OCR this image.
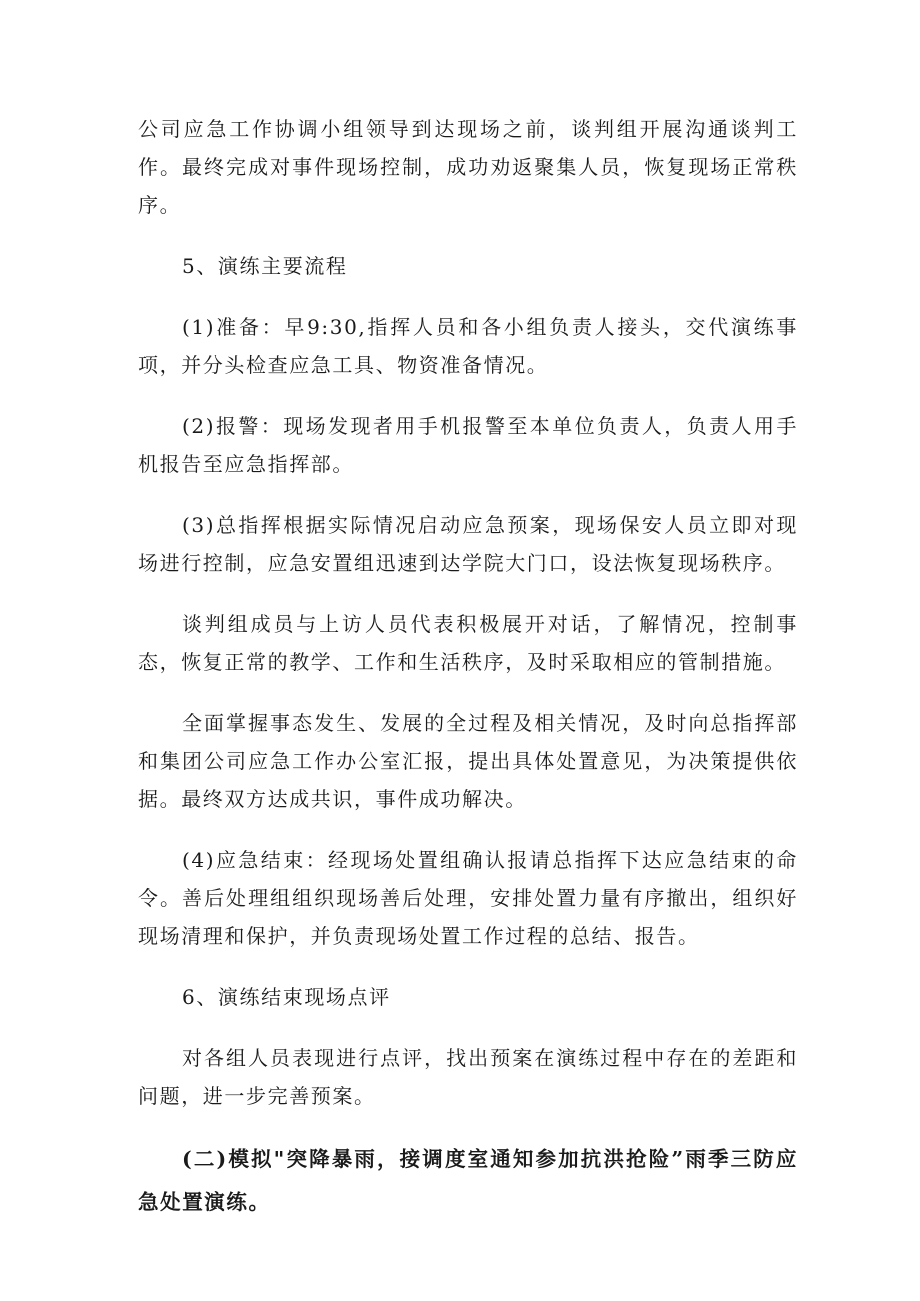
公司应急工作协调小组领导到达现场之前，谈判组开展沟通谈判工作。最终完成对事件现场控制，成功劝返聚集人员，恢复现场正常秩序。

5、演练主要流程

(1)准备：早9:30,指挥人员和各小组负责人接头，交代演练事项，并分头检查应急工具、物资准备情况。

(2)报警：现场发现者用手机报警至本单位负责人，负责人用手机报告至应急指挥部。

(3)总指挥根据实际情况启动应急预案，现场保安人员立即对现场进行控制，应急安置组迅速到达学院大门口，设法恢复现场秩序。

谈判组成员与上访人员代表积极展开对话，了解情况，控制事态，恢复正常的教学、工作和生活秩序，及时采取相应的管制措施。

全面掌握事态发生、发展的全过程及相关情况，及时向总指挥部和集团公司应急工作办公室汇报，提出具体处置意见，为决策提供依据。最终双方达成共识，事件成功解决。

(4)应急结束：经现场处置组确认报请总指挥下达应急结束的命令。善后处理组组织现场善后处理，安排处置力量有序撤出，组织好现场清理和保护，并负责现场处置工作过程的总结、报告。

6、演练结束现场点评

对各组人员表现进行点评，找出预案在演练过程中存在的差距和问题，进一步完善预案。

(二)模拟"突降暴雨，接调度室通知参加抗洪抢险”雨季三防应急处置演练。
